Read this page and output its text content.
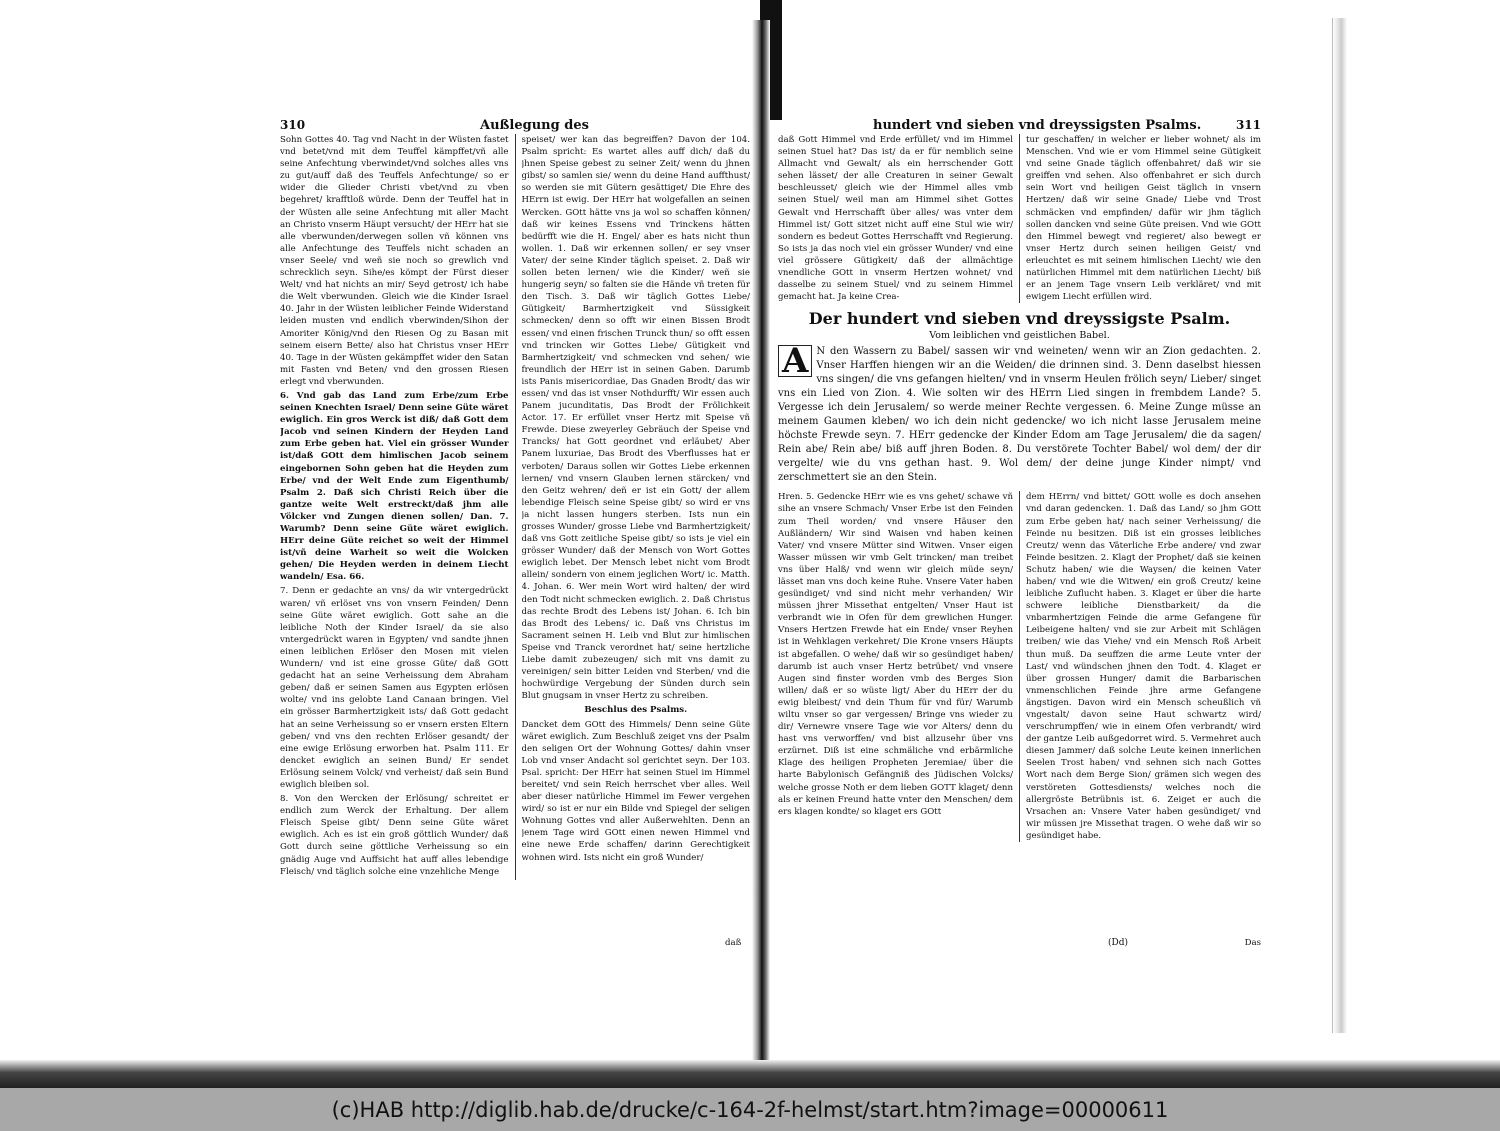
310	Außlegung des

Sohn Gottes 40. Tag vnd Nacht in der Wüsten fastet vnd betet/vnd mit dem Teuffel kämpffet/vñ alle seine Anfechtung vberwindet/vnd solches alles vns zu gut/auff daß des Teuffels Anfechtunge/ so er wider die Glieder Christi vbet/vnd zu vben begehret/ krafftloß würde. Denn der Teuffel hat in der Wüsten alle seine Anfechtung mit aller Macht an Christo vnserm Häupt versucht/ der HErr hat sie alle vberwunden/derwegen sollen vñ können vns alle Anfechtunge des Teuffels nicht schaden an vnser Seele/ vnd weñ sie noch so grewlich vnd schrecklich seyn. Sihe/es kömpt der Fürst dieser Welt/ vnd hat nichts an mir/ Seyd getrost/ ich habe die Welt vberwunden. Gleich wie die Kinder Israel 40. Jahr in der Wüsten leiblicher Feinde Widerstand leiden musten vnd endlich vberwinden/Sihon der Amoriter König/vnd den Riesen Og zu Basan mit seinem eisern Bette/ also hat Christus vnser HErr 40. Tage in der Wüsten gekämpffet wider den Satan mit Fasten vnd Beten/ vnd den grossen Riesen erlegt vnd vberwunden.

6. Vnd gab das Land zum Erbe/zum Erbe seinen Knechten Israel/ Denn seine Güte wäret ewiglich. Ein gros Werck ist diß/ daß Gott dem Jacob vnd seinen Kindern der Heyden Land zum Erbe geben hat. Viel ein grösser Wunder ist/daß GOtt dem himlischen Jacob seinem eingebornen Sohn geben hat die Heyden zum Erbe/ vnd der Welt Ende zum Eigenthumb/ Psalm 2. Daß sich Christi Reich über die gantze weite Welt erstreckt/daß jhm alle Völcker vnd Zungen dienen sollen/ Dan. 7. Warumb? Denn seine Güte wäret ewiglich. HErr deine Güte reichet so weit der Himmel ist/vñ deine Warheit so weit die Wolcken gehen/ Die Heyden werden in deinem Liecht wandeln/ Esa. 66.

7. Denn er gedachte an vns/ da wir vntergedrückt waren/ vñ erlöset vns von vnsern Feinden/ Denn seine Güte wäret ewiglich. Gott sahe an die leibliche Noth der Kinder Israel/ da sie also vntergedrückt waren in Egypten/ vnd sandte jhnen einen leiblichen Erlöser den Mosen mit vielen Wundern/ vnd ist eine grosse Güte/ daß GOtt gedacht hat an seine Verheissung dem Abraham geben/ daß er seinen Samen aus Egypten erlösen wolte/ vnd ins gelobte Land Canaan bringen. Viel ein grösser Barmhertzigkeit ists/ daß Gott gedacht hat an seine Verheissung so er vnsern ersten Eltern geben/ vnd vns den rechten Erlöser gesandt/ der eine ewige Erlösung erworben hat. Psalm 111. Er dencket ewiglich an seinen Bund/ Er sendet Erlösung seinem Volck/ vnd verheist/ daß sein Bund ewiglich bleiben sol.

8. Von den Wercken der Erlösung/ schreitet er endlich zum Werck der Erhaltung. Der allem Fleisch Speise gibt/ Denn seine Güte wäret ewiglich. Ach es ist ein groß göttlich Wunder/ daß Gott durch seine göttliche Verheissung so ein gnädig Auge vnd Auffsicht hat auff alles lebendige Fleisch/ vnd täglich solche eine vnzehliche Menge

speiset/ wer kan das begreiffen? Davon der 104. Psalm spricht: Es wartet alles auff dich/ daß du jhnen Speise gebest zu seiner Zeit/ wenn du jhnen gibst/ so samlen sie/ wenn du deine Hand auffthust/ so werden sie mit Gütern gesättiget/ Die Ehre des HErrn ist ewig. Der HErr hat wolgefallen an seinen Wercken. GOtt hätte vns ja wol so schaffen können/ daß wir keines Essens vnd Trinckens hätten bedürfft wie die H. Engel/ aber es hats nicht thun wollen. 1. Daß wir erkennen sollen/ er sey vnser Vater/ der seine Kinder täglich speiset. 2. Daß wir sollen beten lernen/ wie die Kinder/ weñ sie hungerig seyn/ so falten sie die Hände vñ treten für den Tisch. 3. Daß wir täglich Gottes Liebe/ Gütigkeit/ Barmhertzigkeit vnd Süssigkeit schmecken/ denn so offt wir einen Bissen Brodt essen/ vnd einen frischen Trunck thun/ so offt essen vnd trincken wir Gottes Liebe/ Gütigkeit vnd Barmhertzigkeit/ vnd schmecken vnd sehen/ wie freundlich der HErr ist in seinen Gaben. Darumb ists Panis misericordiae, Das Gnaden Brodt/ das wir essen/ vnd das ist vnser Nothdurfft/ Wir essen auch Panem jucunditatis, Das Brodt der Frölichkeit Actor. 17. Er erfüllet vnser Hertz mit Speise vñ Frewde. Diese zweyerley Gebräuch der Speise vnd Trancks/ hat Gott geordnet vnd erläubet/ Aber Panem luxuriae, Das Brodt des Vberflusses hat er verboten/ Daraus sollen wir Gottes Liebe erkennen lernen/ vnd vnsern Glauben lernen stärcken/ vnd den Geitz wehren/ deñ er ist ein Gott/ der allem lebendige Fleisch seine Speise gibt/ so wird er vns ja nicht lassen hungers sterben. Ists nun ein grosses Wunder/ grosse Liebe vnd Barmhertzigkeit/ daß vns Gott zeitliche Speise gibt/ so ists je viel ein grösser Wunder/ daß der Mensch von Wort Gottes ewiglich lebet. Der Mensch lebet nicht vom Brodt allein/ sondern von einem jeglichen Wort/ ic. Matth. 4. Johan. 6. Wer mein Wort wird halten/ der wird den Todt nicht schmecken ewiglich. 2. Daß Christus das rechte Brodt des Lebens ist/ Johan. 6. Ich bin das Brodt des Lebens/ ic. Daß vns Christus im Sacrament seinen H. Leib vnd Blut zur himlischen Speise vnd Tranck verordnet hat/ seine hertzliche Liebe damit zubezeugen/ sich mit vns damit zu vereinigen/ sein bitter Leiden vnd Sterben/ vnd die hochwürdige Vergebung der Sünden durch sein Blut gnugsam in vnser Hertz zu schreiben.

Beschlus des Psalms.

Dancket dem GOtt des Himmels/ Denn seine Güte wäret ewiglich. Zum Beschluß zeiget vns der Psalm den seligen Ort der Wohnung Gottes/ dahin vnser Lob vnd vnser Andacht sol gerichtet seyn. Der 103. Psal. spricht: Der HErr hat seinen Stuel im Himmel bereitet/ vnd sein Reich herrschet vber alles. Weil aber dieser natürliche Himmel im Fewer vergehen wird/ so ist er nur ein Bilde vnd Spiegel der seligen Wohnung Gottes vnd aller Außerwehlten. Denn an jenem Tage wird GOtt einen newen Himmel vnd eine newe Erde schaffen/ darinn Gerechtigkeit wohnen wird. Ists nicht ein groß Wunder/

daß
hundert vnd sieben vnd dreyssigsten Psalms.	311
daß Gott Himmel vnd Erde erfüllet/ vnd im Himmel seinen Stuel hat? Das ist/ da er für nemblich seine Allmacht vnd Gewalt/ als ein herrschender Gott sehen lässet/ der alle Creaturen in seiner Gewalt beschleusset/ gleich wie der Himmel alles vmb seinen Stuel/ weil man am Himmel sihet Gottes Gewalt vnd Herrschafft über alles/ was vnter dem Himmel ist/ Gott sitzet nicht auff eine Stul wie wir/ sondern es bedeut Gottes Herrschafft vnd Regierung. So ists ja das noch viel ein grösser Wunder/ vnd eine viel grössere Gütigkeit/ daß der allmächtige vnendliche GOtt in vnserm Hertzen wohnet/ vnd dasselbe zu seinem Stuel/ vnd zu seinem Himmel gemacht hat. Ja keine Crea-
tur geschaffen/ in welcher er lieber wohnet/ als im Menschen. Vnd wie er vom Himmel seine Gütigkeit vnd seine Gnade täglich offenbahret/ daß wir sie greiffen vnd sehen. Also offenbahret er sich durch sein Wort vnd heiligen Geist täglich in vnsern Hertzen/ daß wir seine Gnade/ Liebe vnd Trost schmäcken vnd empfinden/ dafür wir jhm täglich sollen dancken vnd seine Güte preisen. Vnd wie GOtt den Himmel bewegt vnd regieret/ also bewegt er vnser Hertz durch seinen heiligen Geist/ vnd erleuchtet es mit seinem himlischen Liecht/ wie den natürlichen Himmel mit dem natürlichen Liecht/ biß er an jenem Tage vnsern Leib verkläret/ vnd mit ewigem Liecht erfüllen wird.
Der hundert vnd sieben vnd dreyssigste Psalm.
Vom leiblichen vnd geistlichen Babel.
A N den Wassern zu Babel/ sassen wir vnd weineten/ wenn wir an Zion gedachten. 2. Vnser Harffen hiengen wir an die Weiden/ die drinnen sind. 3. Denn daselbst hiessen vns singen/ die vns gefangen hielten/ vnd in vnserm Heulen frölich seyn/ Lieber/ singet vns ein Lied von Zion. 4. Wie solten wir des HErrn Lied singen in frembdem Lande? 5. Vergesse ich dein Jerusalem/ so werde meiner Rechte vergessen. 6. Meine Zunge müsse an meinem Gaumen kleben/ wo ich dein nicht gedencke/ wo ich nicht lasse Jerusalem meine höchste Frewde seyn. 7. HErr gedencke der Kinder Edom am Tage Jerusalem/ die da sagen/ Rein abe/ Rein abe/ biß auff jhren Boden. 8. Du verstörete Tochter Babel/ wol dem/ der dir vergelte/ wie du vns gethan hast. 9. Wol dem/ der deine junge Kinder nimpt/ vnd zerschmettert sie an den Stein.
Hren. 5. Gedencke HErr wie es vns gehet/ schawe vñ sihe an vnsere Schmach/ Vnser Erbe ist den Feinden zum Theil worden/ vnd vnsere Häuser den Außländern/ Wir sind Waisen vnd haben keinen Vater/ vnd vnsere Mütter sind Witwen. Vnser eigen Wasser müssen wir vmb Gelt trincken/ man treibet vns über Halß/ vnd wenn wir gleich müde seyn/ lässet man vns doch keine Ruhe. Vnsere Vater haben gesündiget/ vnd sind nicht mehr verhanden/ Wir müssen jhrer Missethat entgelten/ Vnser Haut ist verbrandt wie in Ofen für dem grewlichen Hunger. Vnsers Hertzen Frewde hat ein Ende/ vnser Reyhen ist in Wehklagen verkehret/ Die Krone vnsers Häupts ist abgefallen. O wehe/ daß wir so gesündiget haben/ darumb ist auch vnser Hertz betrübet/ vnd vnsere Augen sind finster worden vmb des Berges Sion willen/ daß er so wüste ligt/ Aber du HErr der du ewig bleibest/ vnd dein Thum für vnd für/ Warumb wiltu vnser so gar vergessen/ Bringe vns wieder zu dir/ Vernewre vnsere Tage wie vor Alters/ denn du hast vns verworffen/ vnd bist allzusehr über vns erzürnet. Diß ist eine schmäliche vnd erbärmliche Klage des heiligen Propheten Jeremiae/ über die harte Babylonisch Gefängniß des Jüdischen Volcks/ welche grosse Noth er dem lieben GOTT klaget/ denn als er keinen Freund hatte vnter den Menschen/ dem ers klagen kondte/ so klaget ers GOtt
dem HErrn/ vnd bittet/ GOtt wolle es doch ansehen vnd daran gedencken. 1. Daß das Land/ so jhm GOtt zum Erbe geben hat/ nach seiner Verheissung/ die Feinde nu besitzen. Diß ist ein grosses leibliches Creutz/ wenn das Väterliche Erbe andere/ vnd zwar Feinde besitzen. 2. Klagt der Prophet/ daß sie keinen Schutz haben/ wie die Waysen/ die keinen Vater haben/ vnd wie die Witwen/ ein groß Creutz/ keine leibliche Zuflucht haben. 3. Klaget er über die harte schwere leibliche Dienstbarkeit/ da die vnbarmhertzigen Feinde die arme Gefangene für Leibeigene halten/ vnd sie zur Arbeit mit Schlägen treiben/ wie das Viehe/ vnd ein Mensch Roß Arbeit thun muß. Da seuffzen die arme Leute vnter der Last/ vnd wündschen jhnen den Todt. 4. Klaget er über grossen Hunger/ damit die Barbarischen vnmenschlichen Feinde jhre arme Gefangene ängstigen. Davon wird ein Mensch scheußlich vñ vngestalt/ davon seine Haut schwartz wird/ verschrumpffen/ wie in einem Ofen verbrandt/ wird der gantze Leib außgedorret wird. 5. Vermehret auch diesen Jammer/ daß solche Leute keinen innerlichen Seelen Trost haben/ vnd sehnen sich nach Gottes Wort nach dem Berge Sion/ grämen sich wegen des verstöreten Gottesdiensts/ welches noch die allergröste Betrübnis ist. 6. Zeiget er auch die Vrsachen an: Vnsere Vater haben gesündiget/ vnd wir müssen jre Missethat tragen. O wehe daß wir so gesündiget habe.
(Dd)	Das
(c)HAB http://diglib.hab.de/drucke/c-164-2f-helmst/start.htm?image=00000611
